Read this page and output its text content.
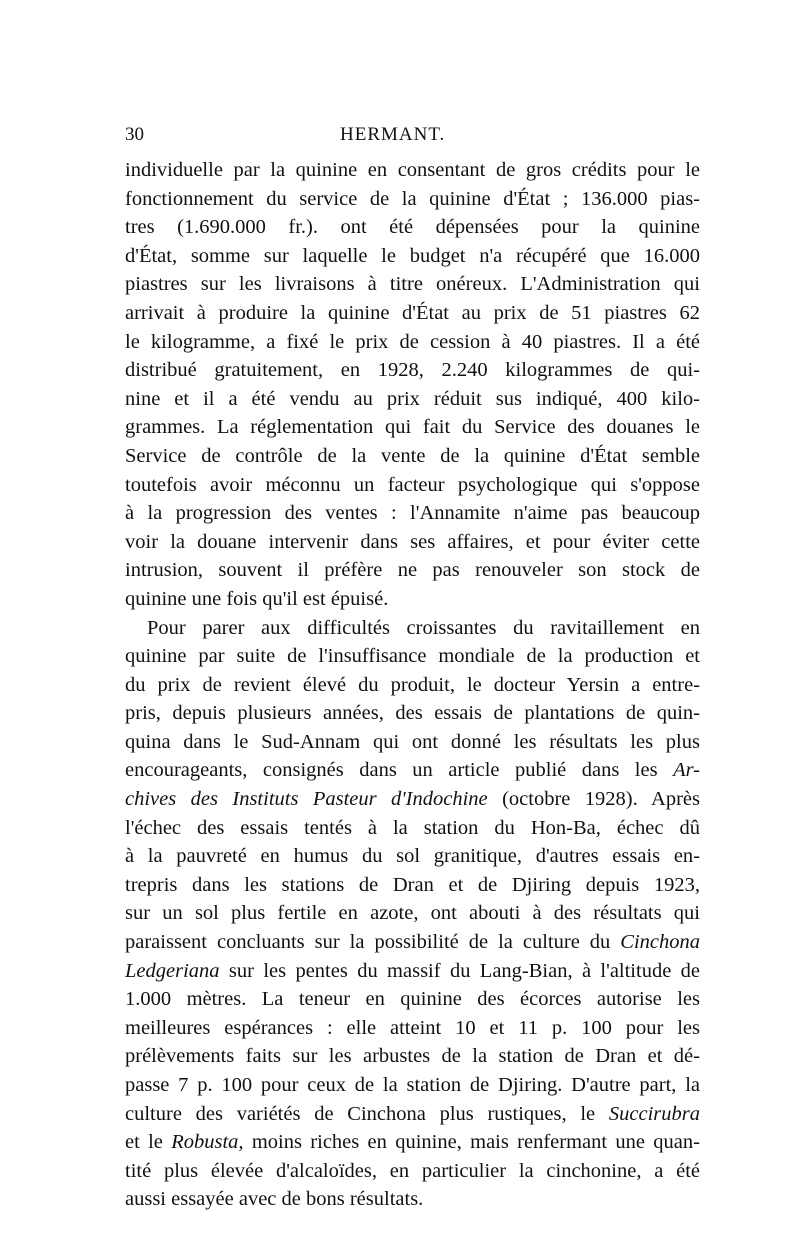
30	HERMANT.
individuelle par la quinine en consentant de gros crédits pour le
fonctionnement du service de la quinine d'État ; 136.000 pias-
tres (1.690.000 fr.). ont été dépensées pour la quinine
d'État, somme sur laquelle le budget n'a récupéré que 16.000
piastres sur les livraisons à titre onéreux. L'Administration qui
arrivait à produire la quinine d'État au prix de 51 piastres 62
le kilogramme, a fixé le prix de cession à 40 piastres. Il a été
distribué gratuitement, en 1928, 2.240 kilogrammes de qui-
nine et il a été vendu au prix réduit sus indiqué, 400 kilo-
grammes. La réglementation qui fait du Service des douanes le
Service de contrôle de la vente de la quinine d'État semble
toutefois avoir méconnu un facteur psychologique qui s'oppose
à la progression des ventes : l'Annamite n'aime pas beaucoup
voir la douane intervenir dans ses affaires, et pour éviter cette
intrusion, souvent il préfère ne pas renouveler son stock de
quinine une fois qu'il est épuisé.
Pour parer aux difficultés croissantes du ravitaillement en
quinine par suite de l'insuffisance mondiale de la production et
du prix de revient élevé du produit, le docteur Yersin a entre-
pris, depuis plusieurs années, des essais de plantations de quin-
quina dans le Sud-Annam qui ont donné les résultats les plus
encourageants, consignés dans un article publié dans les Ar-
chives des Instituts Pasteur d'Indochine (octobre 1928). Après
l'échec des essais tentés à la station du Hon-Ba, échec dû
à la pauvreté en humus du sol granitique, d'autres essais en-
trepris dans les stations de Dran et de Djiring depuis 1923,
sur un sol plus fertile en azote, ont abouti à des résultats qui
paraissent concluants sur la possibilité de la culture du Cinchona
Ledgeriana sur les pentes du massif du Lang-Bian, à l'altitude de
1.000 mètres. La teneur en quinine des écorces autorise les
meilleures espérances : elle atteint 10 et 11 p. 100 pour les
prélèvements faits sur les arbustes de la station de Dran et dé-
passe 7 p. 100 pour ceux de la station de Djiring. D'autre part, la
culture des variétés de Cinchona plus rustiques, le Succirubra
et le Robusta, moins riches en quinine, mais renfermant une quan-
tité plus élevée d'alcaloïdes, en particulier la cinchonine, a été
aussi essayée avec de bons résultats.
